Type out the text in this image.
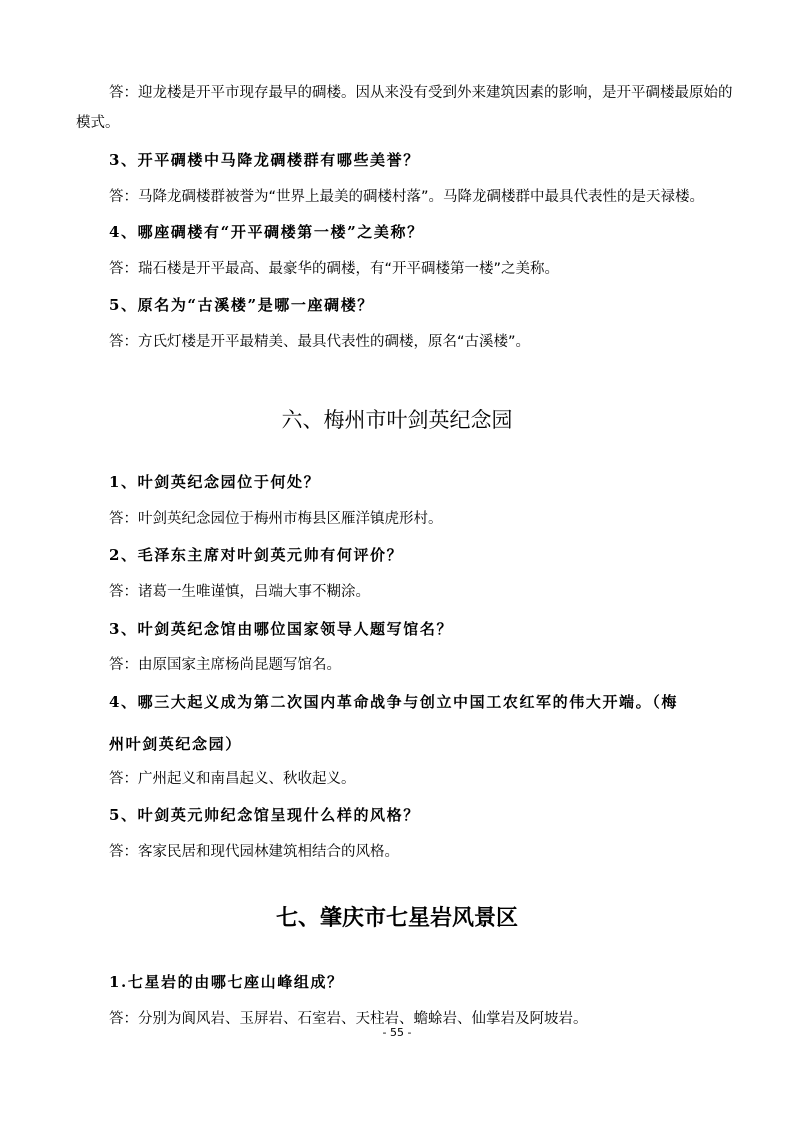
答：迎龙楼是开平市现存最早的碉楼。因从来没有受到外来建筑因素的影响，是开平碉楼最原始的
模式。
3、开平碉楼中马降龙碉楼群有哪些美誉？
答：马降龙碉楼群被誉为“世界上最美的碉楼村落”。马降龙碉楼群中最具代表性的是天禄楼。
4、哪座碉楼有“开平碉楼第一楼”之美称？
答：瑞石楼是开平最高、最豪华的碉楼，有“开平碉楼第一楼”之美称。
5、原名为“古溪楼”是哪一座碉楼？
答：方氏灯楼是开平最精美、最具代表性的碉楼，原名“古溪楼”。
六、梅州市叶剑英纪念园
1、叶剑英纪念园位于何处？
答：叶剑英纪念园位于梅州市梅县区雁洋镇虎形村。
2、毛泽东主席对叶剑英元帅有何评价？
答：诸葛一生唯谨慎，吕端大事不糊涂。
3、叶剑英纪念馆由哪位国家领导人题写馆名？
答：由原国家主席杨尚昆题写馆名。
4、哪三大起义成为第二次国内革命战争与创立中国工农红军的伟大开端。（梅
州叶剑英纪念园）
答：广州起义和南昌起义、秋收起义。
5、叶剑英元帅纪念馆呈现什么样的风格？
答：客家民居和现代园林建筑相结合的风格。
七、肇庆市七星岩风景区
1.七星岩的由哪七座山峰组成？
答：分别为阆风岩、玉屏岩、石室岩、天柱岩、蟾蜍岩、仙掌岩及阿坡岩。
- 55 -
